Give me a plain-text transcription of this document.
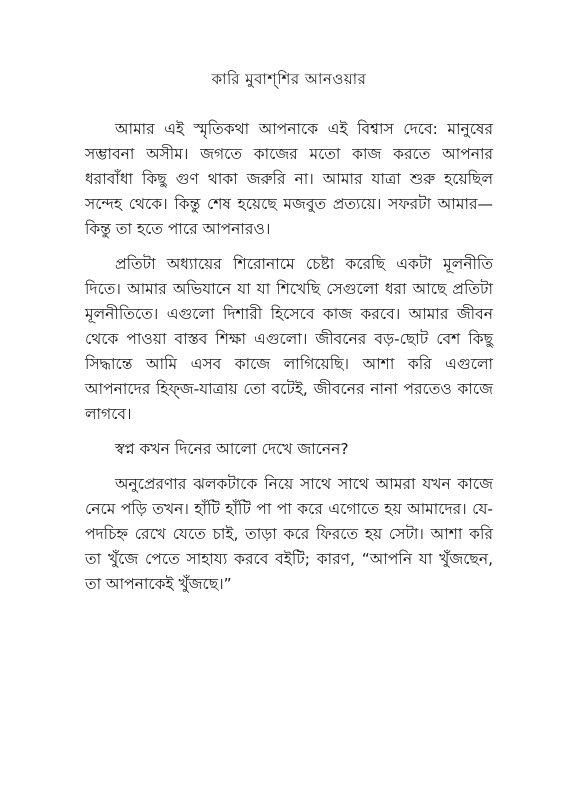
কারি মুবাশ্‌শির আনওয়ার

আমার এই স্মৃতিকথা আপনাকে এই বিশ্বাস দেবে: মানুষের সম্ভাবনা অসীম। জগতে কাজের মতো কাজ করতে আপনার ধরাবাঁধা কিছু গুণ থাকা জরুরি না। আমার যাত্রা শুরু হয়েছিল সন্দেহ থেকে। কিন্তু শেষ হয়েছে মজবুত প্রত্যয়ে। সফরটা আমার—কিন্তু তা হতে পারে আপনারও।

প্রতিটা অধ্যায়ের শিরোনামে চেষ্টা করেছি একটা মূলনীতি দিতে। আমার অভিযানে যা যা শিখেছি সেগুলো ধরা আছে প্রতিটা মূলনীতিতে। এগুলো দিশারী হিসেবে কাজ করবে। আমার জীবন থেকে পাওয়া বাস্তব শিক্ষা এগুলো। জীবনের বড়-ছোট বেশ কিছু সিদ্ধান্তে আমি এসব কাজে লাগিয়েছি। আশা করি এগুলো আপনাদের হিফ্‌জ-যাত্রায় তো বটেই, জীবনের নানা পরতেও কাজে লাগবে।

স্বপ্ন কখন দিনের আলো দেখে জানেন?

অনুপ্রেরণার ঝলকটাকে নিয়ে সাথে সাথে আমরা যখন কাজে নেমে পড়ি তখন। হাঁটি হাঁটি পা পা করে এগোতে হয় আমাদের। যে-পদচিহ্ন রেখে যেতে চাই, তাড়া করে ফিরতে হয় সেটা। আশা করি তা খুঁজে পেতে সাহায্য করবে বইটি; কারণ, “আপনি যা খুঁজছেন, তা আপনাকেই খুঁজছে।”
